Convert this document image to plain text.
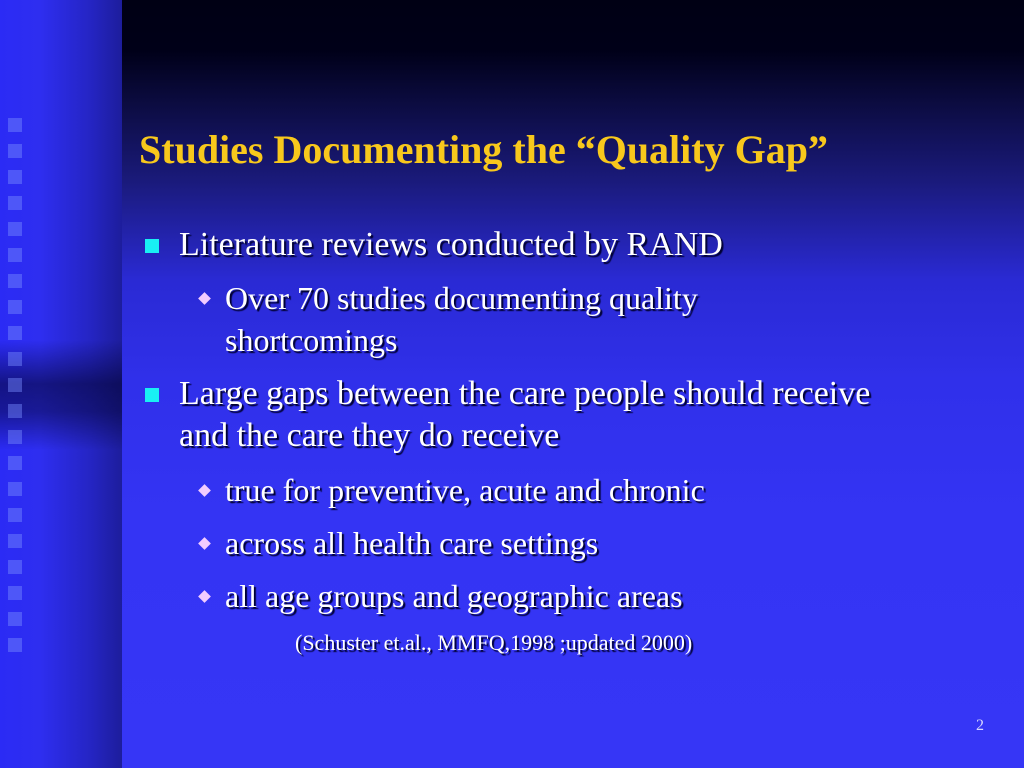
Studies Documenting the “Quality Gap”

Literature reviews conducted by RAND

Over 70 studies documenting quality

shortcomings

Large gaps between the care people should receive

and the care they do receive

true for preventive, acute and chronic

across all health care settings

all age groups and geographic areas

(Schuster et.al., MMFQ,1998 ;updated 2000)

2
